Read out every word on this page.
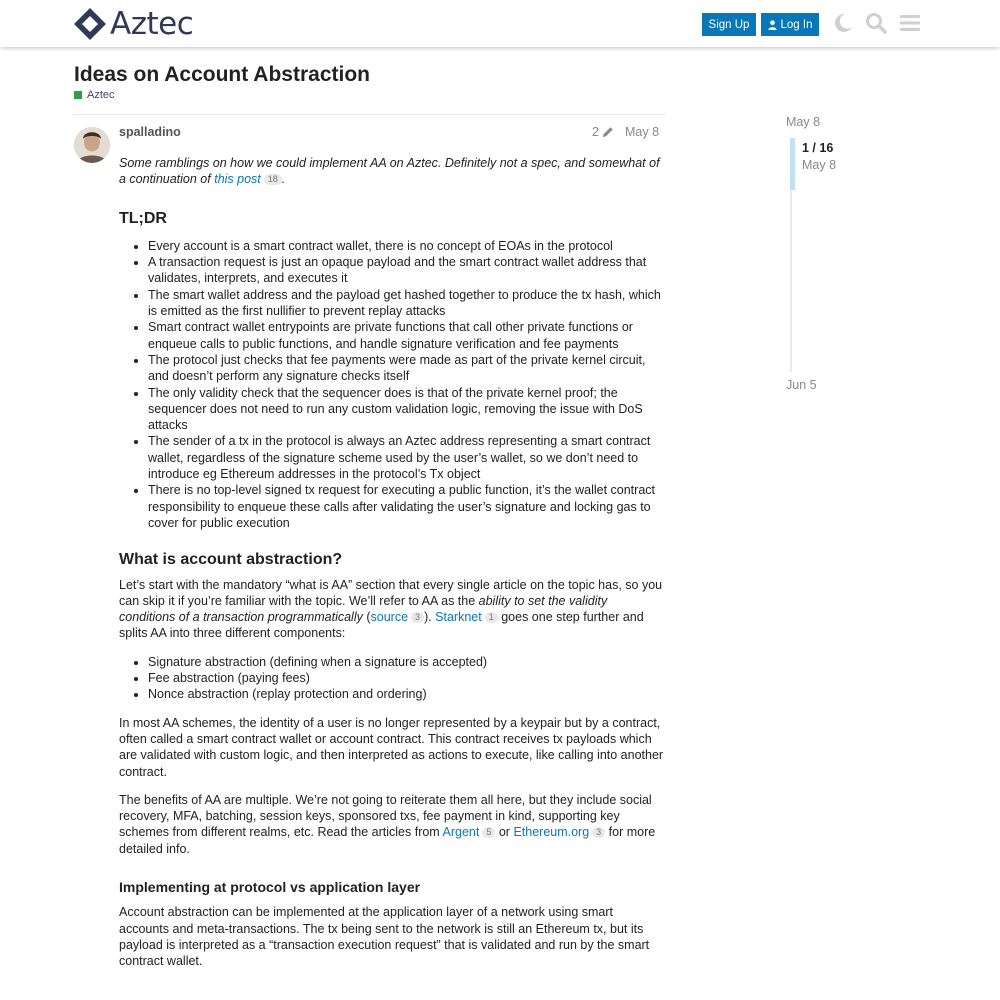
Aztec	Sign Up	Log In
Ideas on Account Abstraction
Aztec
spalladino	2 May 8

Some ramblings on how we could implement AA on Aztec. Definitely not a spec, and somewhat of a continuation of this post 18 .

TL;DR
• Every account is a smart contract wallet, there is no concept of EOAs in the protocol
• A transaction request is just an opaque payload and the smart contract wallet address that validates, interprets, and executes it
• The smart wallet address and the payload get hashed together to produce the tx hash, which is emitted as the first nullifier to prevent replay attacks
• Smart contract wallet entrypoints are private functions that call other private functions or enqueue calls to public functions, and handle signature verification and fee payments
• The protocol just checks that fee payments were made as part of the private kernel circuit, and doesn’t perform any signature checks itself
• The only validity check that the sequencer does is that of the private kernel proof; the sequencer does not need to run any custom validation logic, removing the issue with DoS attacks
• The sender of a tx in the protocol is always an Aztec address representing a smart contract wallet, regardless of the signature scheme used by the user’s wallet, so we don’t need to introduce eg Ethereum addresses in the protocol’s Tx object
• There is no top-level signed tx request for executing a public function, it’s the wallet contract responsibility to enqueue these calls after validating the user’s signature and locking gas to cover for public execution
What is account abstraction?

Let’s start with the mandatory “what is AA” section that every single article on the topic has, so you can skip it if you’re familiar with the topic. We’ll refer to AA as the ability to set the validity conditions of a transaction programmatically (source 3 ). Starknet 1 goes one step further and splits AA into three different components:

• Signature abstraction (defining when a signature is accepted)
• Fee abstraction (paying fees)
• Nonce abstraction (replay protection and ordering)

In most AA schemes, the identity of a user is no longer represented by a keypair but by a contract, often called a smart contract wallet or account contract. This contract receives tx payloads which are validated with custom logic, and then interpreted as actions to execute, like calling into another contract.

The benefits of AA are multiple. We’re not going to reiterate them all here, but they include social recovery, MFA, batching, session keys, sponsored txs, fee payment in kind, supporting key schemes from different realms, etc. Read the articles from Argent 5 or Ethereum.org 3 for more detailed info.

Implementing at protocol vs application layer

Account abstraction can be implemented at the application layer of a network using smart accounts and meta-transactions. The tx being sent to the network is still an Ethereum tx, but its payload is interpreted as a “transaction execution request” that is validated and run by the smart contract wallet.

May 8
1 / 16
May 8
Jun 5
